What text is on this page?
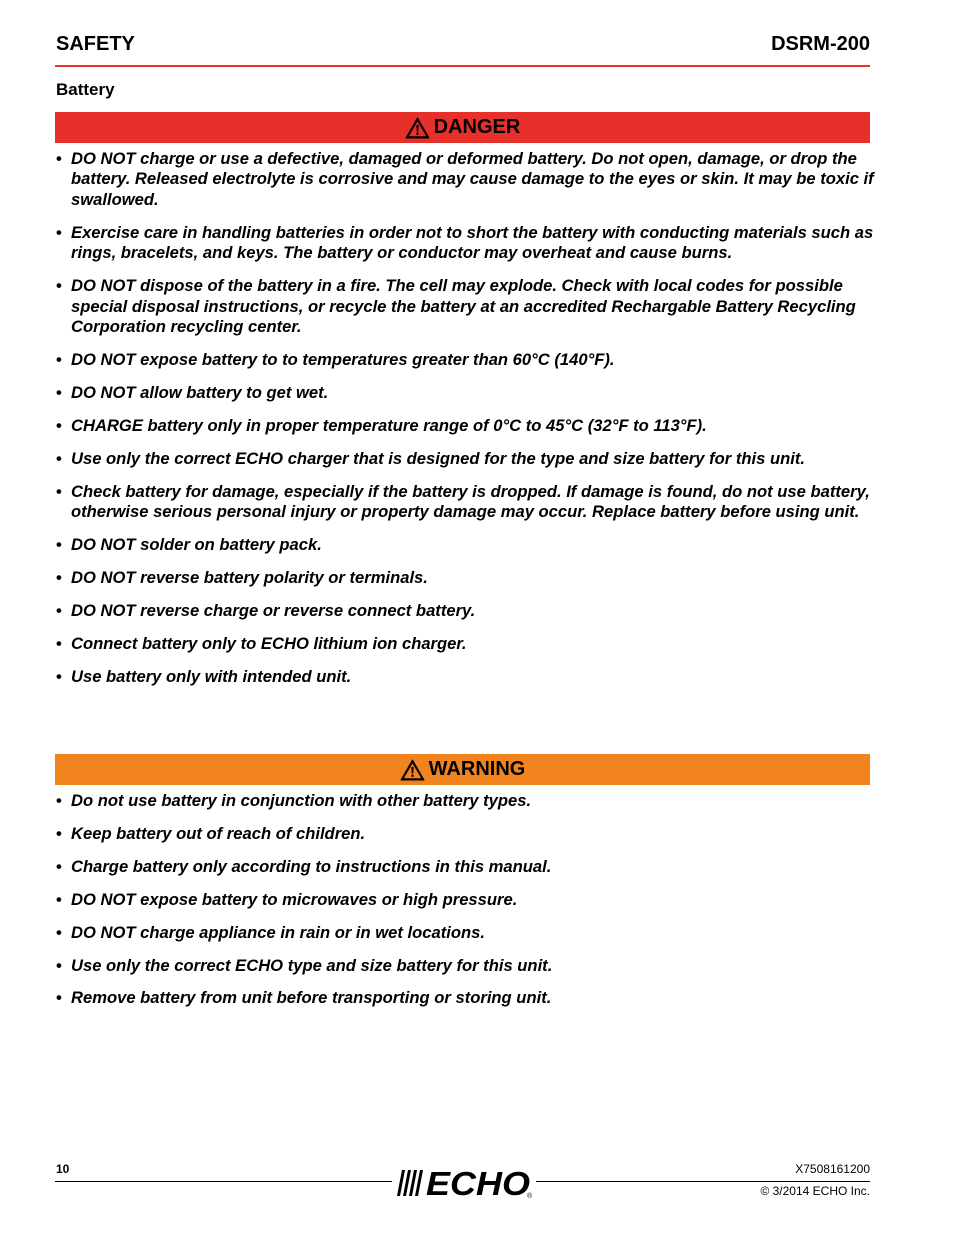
SAFETY	DSRM-200
Battery
DANGER
• DO NOT charge or use a defective, damaged or deformed battery. Do not open, damage, or drop the battery. Released electrolyte is corrosive and may cause damage to the eyes or skin. It may be toxic if swallowed.
• Exercise care in handling batteries in order not to short the battery with conducting materials such as rings, bracelets, and keys. The battery or conductor may overheat and cause burns.
• DO NOT dispose of the battery in a fire. The cell may explode. Check with local codes for possible special disposal instructions, or recycle the battery at an accredited Rechargable Battery Recycling Corporation recycling center.
• DO NOT expose battery to to temperatures greater than 60°C (140°F).
• DO NOT allow battery to get wet.
• CHARGE battery only in proper temperature range of 0°C to 45°C (32°F to 113°F).
• Use only the correct ECHO charger that is designed for the type and size battery for this unit.
• Check battery for damage, especially if the battery is dropped. If damage is found, do not use battery, otherwise serious personal injury or property damage may occur. Replace battery before using unit.
• DO NOT solder on battery pack.
• DO NOT reverse battery polarity or terminals.
• DO NOT reverse charge or reverse connect battery.
• Connect battery only to ECHO lithium ion charger.
• Use battery only with intended unit.
WARNING
• Do not use battery in conjunction with other battery types.
• Keep battery out of reach of children.
• Charge battery only according to instructions in this manual.
• DO NOT expose battery to microwaves or high pressure.
• DO NOT charge appliance in rain or in wet locations.
• Use only the correct ECHO type and size battery for this unit.
• Remove battery from unit before transporting or storing unit.
10	X7508161200
© 3/2014 ECHO Inc.
ECHO
®
